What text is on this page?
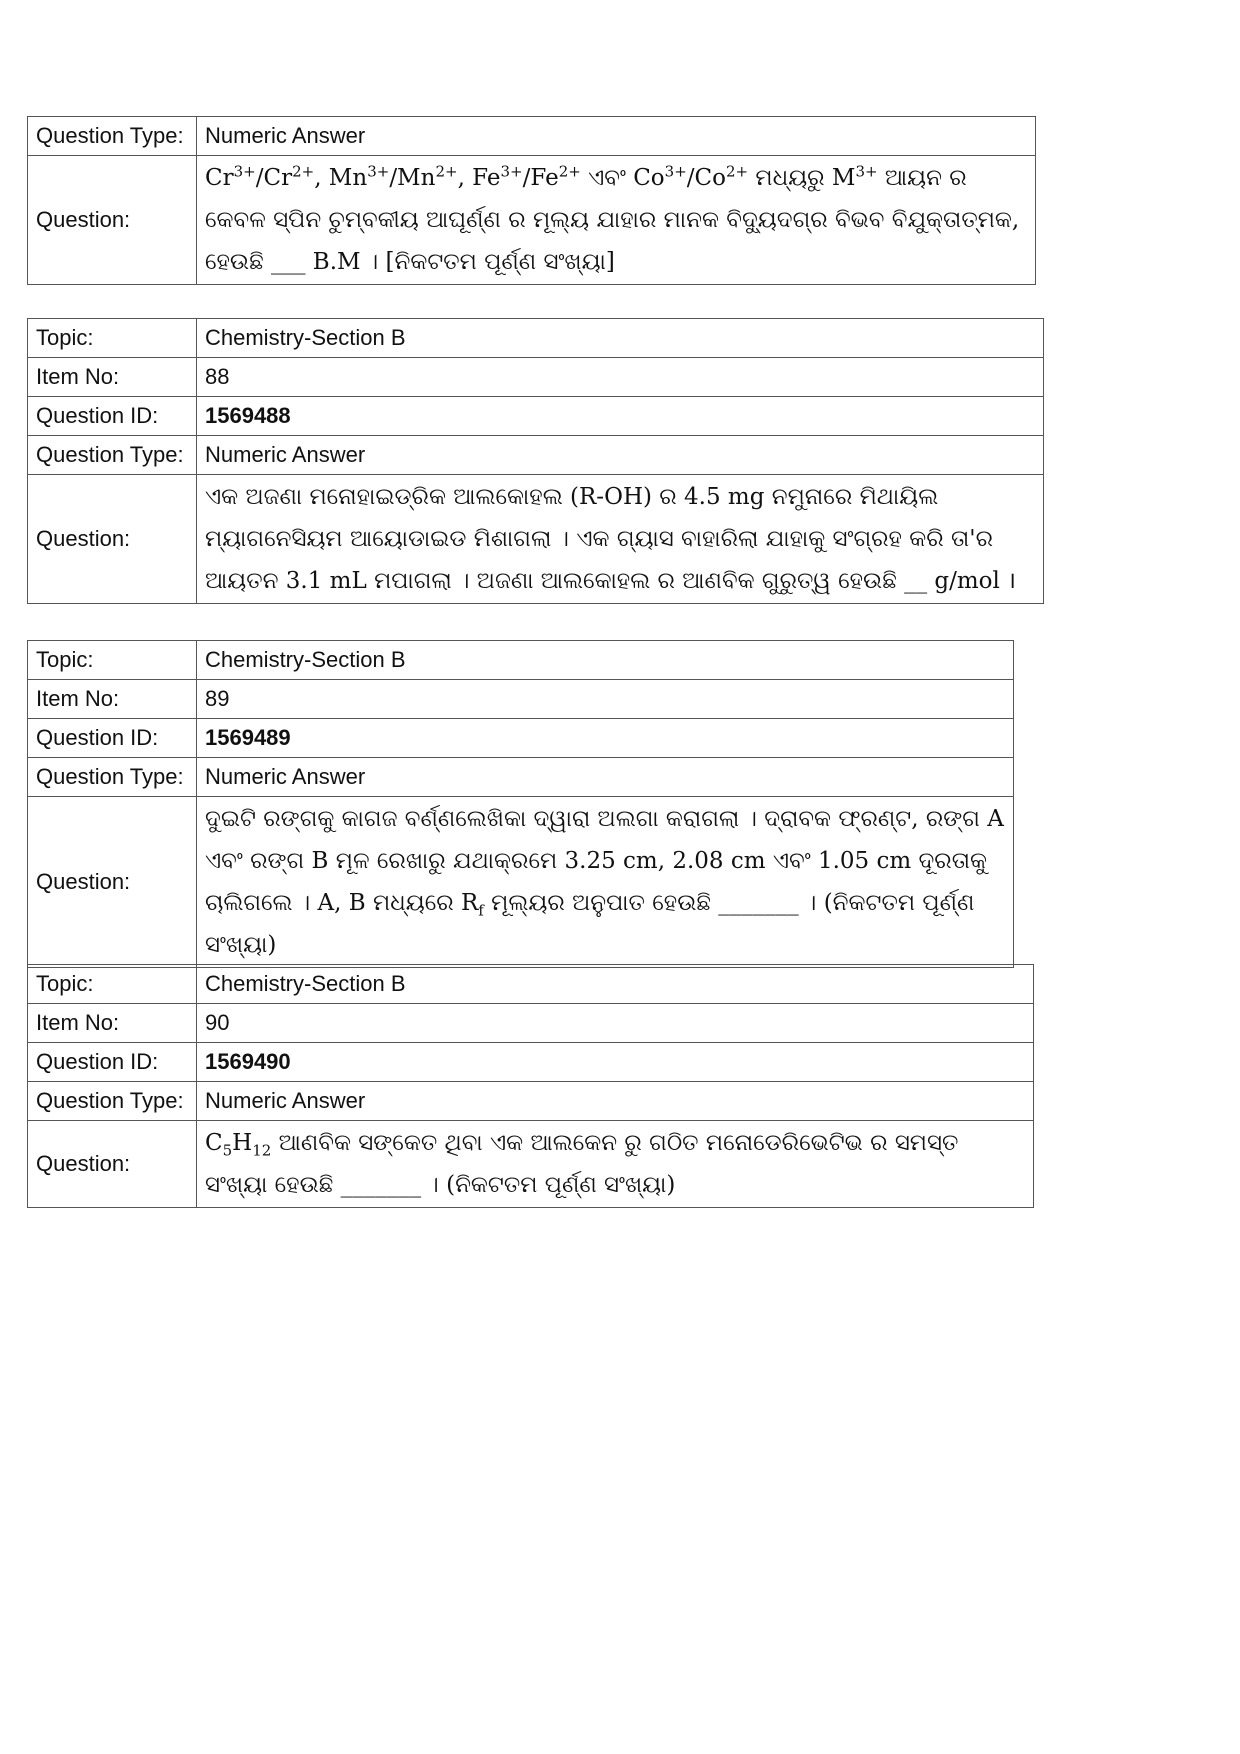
Question Type:	Numeric Answer
Question:	$Cr^{3+}/Cr^{2+}$, $Mn^{3+}/Mn^{2+}$, $Fe^{3+}/Fe^{2+}$ ଏବଂ $Co^{3+}/Co^{2+}$ ମଧ୍ୟରୁ $M^{3+}$ ଆୟନ ର କେବଳ ସ୍ପିନ ଚୁମ୍ବକୀୟ ଆଘୂର୍ଣ୍ଣ ର ମୂଲ୍ୟ ଯାହାର ମାନକ ବିଦ୍ୟୁଦଗ୍ର ବିଭବ ବିଯୁକ୍ତାତ୍ମକ, ହେଉଛି ___ B.M । [ନିକଟତମ ପୂର୍ଣ୍ଣ ସଂଖ୍ୟା]
Topic:	Chemistry-Section B
Item No:	88
Question ID:	1569488
Question Type:	Numeric Answer
Question:	ଏକ ଅଜଣା ମନୋହାଇଡ୍ରିକ ଆଲକୋହଲ (R-OH) ର 4.5 mg ନମୁନାରେ ମିଥାୟିଲ ମ୍ୟାଗନେସିୟମ ଆୟୋଡାଇଡ ମିଶାଗଲା । ଏକ ଗ୍ୟାସ ବାହାରିଲା ଯାହାକୁ ସଂଗ୍ରହ କରି ତା'ର ଆୟତନ 3.1 mL ମପାଗଲା । ଅଜଣା ଆଲକୋହଲ ର ଆଣବିକ ଗୁରୁତ୍ୱ ହେଉଛି __ g/mol ।
Topic:	Chemistry-Section B
Item No:	89
Question ID:	1569489
Question Type:	Numeric Answer
Question:	ଦୁଇଟି ରଙ୍ଗକୁ କାଗଜ ବର୍ଣ୍ଣଲେଖିକା ଦ୍ୱାରା ଅଲଗା କରାଗଲା । ଦ୍ରାବକ ଫ୍ରଣ୍ଟ, ରଙ୍ଗ A ଏବଂ ରଙ୍ଗ B ମୂଳ ରେଖାରୁ ଯଥାକ୍ରମେ 3.25 cm, 2.08 cm ଏବଂ 1.05 cm ଦୂରତାକୁ ଚାଲିଗଲେ । A, B ମଧ୍ୟରେ $R_f$ ମୂଲ୍ୟର ଅନୁପାତ ହେଉଛି _______ । (ନିକଟତମ ପୂର୍ଣ୍ଣ ସଂଖ୍ୟା)
Topic:	Chemistry-Section B
Item No:	90
Question ID:	1569490
Question Type:	Numeric Answer
Question:	$C_5H_{12}$ ଆଣବିକ ସଙ୍କେତ ଥିବା ଏକ ଆଲକେନ ରୁ ଗଠିତ ମନୋଡେରିଭେଟିଭ ର ସମସ୍ତ ସଂଖ୍ୟା ହେଉଛି _______ । (ନିକଟତମ ପୂର୍ଣ୍ଣ ସଂଖ୍ୟା)
